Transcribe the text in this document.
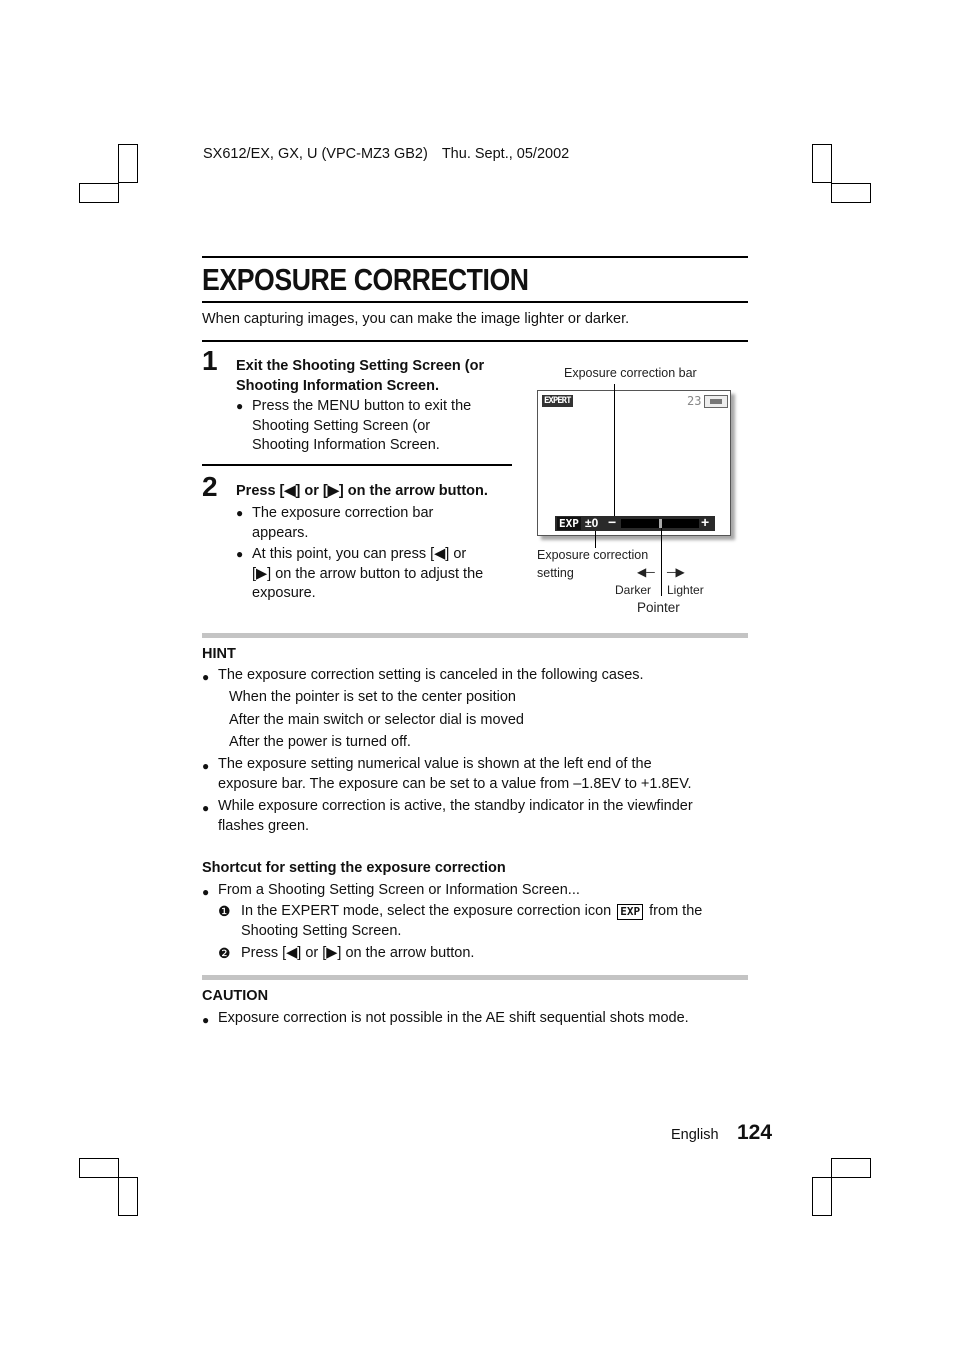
SX612/EX, GX, U (VPC-MZ3 GB2) Thu. Sept., 05/2002
EXPOSURE CORRECTION
When capturing images, you can make the image lighter or darker.
1 Exit the Shooting Setting Screen (or
Shooting Information Screen.
● Press the MENU button to exit the
Shooting Setting Screen (or
Shooting Information Screen.
2 Press [◀] or [▶] on the arrow button.
● The exposure correction bar
appears.
● At this point, you can press [◀] or
[▶] on the arrow button to adjust the
exposure.
Exposure correction bar
EXPERT	23
EXP ±0 −	+
Exposure correction
setting	◀─ ─▶
Darker Lighter
Pointer
HINT
● The exposure correction setting is canceled in the following cases.
When the pointer is set to the center position
After the main switch or selector dial is moved
After the power is turned off.
● The exposure setting numerical value is shown at the left end of the
exposure bar. The exposure can be set to a value from –1.8EV to +1.8EV.
● While exposure correction is active, the standby indicator in the viewfinder
flashes green.
Shortcut for setting the exposure correction
● From a Shooting Setting Screen or Information Screen...
❶ In the EXPERT mode, select the exposure correction icon EXP from the
Shooting Setting Screen.
❷ Press [◀] or [▶] on the arrow button.
CAUTION
● Exposure correction is not possible in the AE shift sequential shots mode.
English 124
